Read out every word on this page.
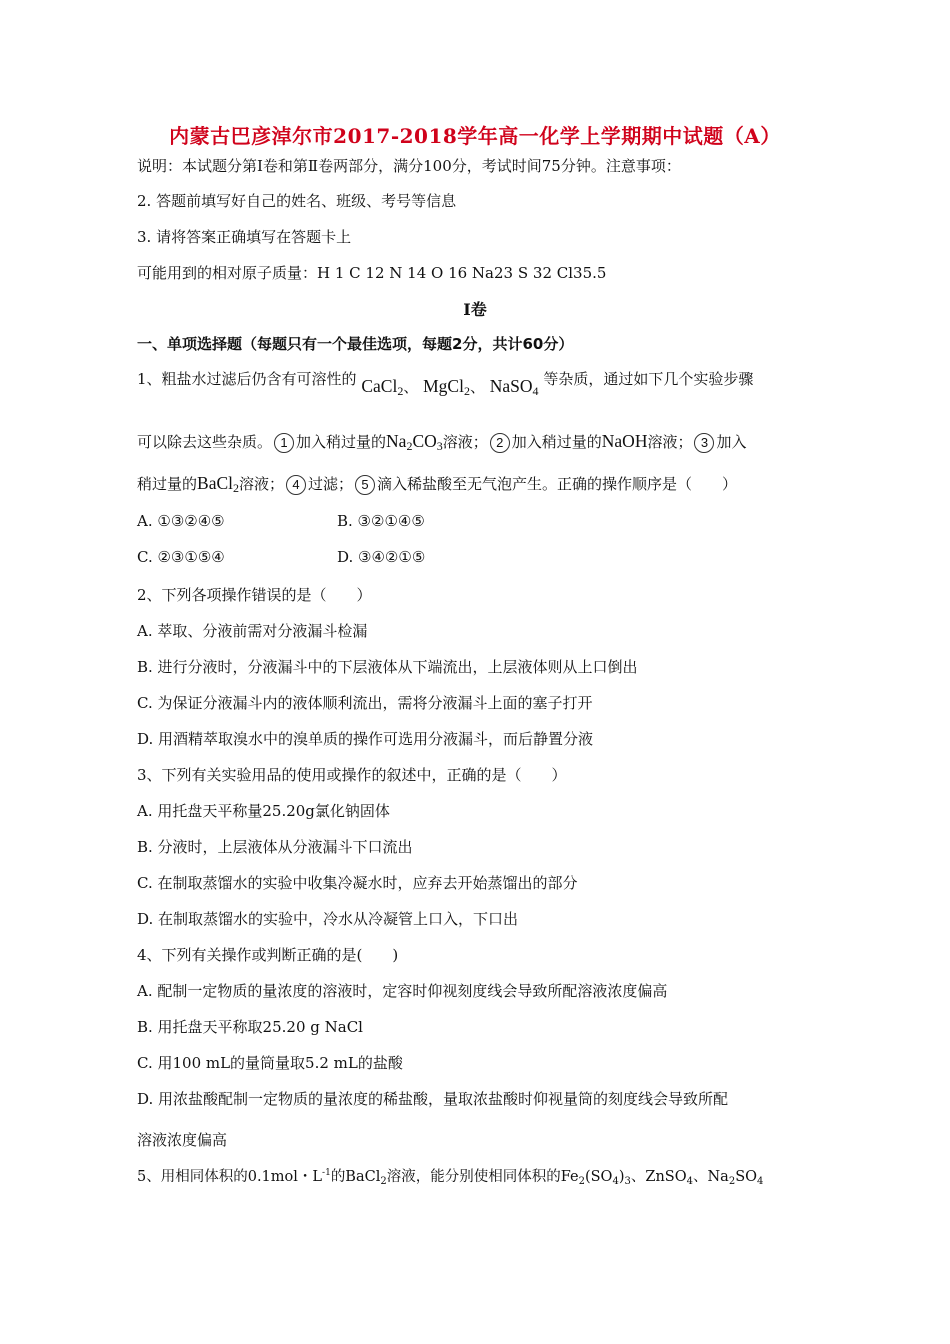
内蒙古巴彦淖尔市2017-2018学年高一化学上学期期中试题（A）
说明：本试题分第Ⅰ卷和第Ⅱ卷两部分，满分100分，考试时间75分钟。注意事项：
2. 答题前填写好自己的姓名、班级、考号等信息
3. 请将答案正确填写在答题卡上
可能用到的相对原子质量：H 1 C 12 N 14 O 16 Na23 S 32 Cl35.5
Ⅰ卷
一、单项选择题（每题只有一个最佳选项，每题2分，共计60分）
1、粗盐水过滤后仍含有可溶性的 CaCl$_2$、 MgCl$_2$、 NaSO$_4$ 等杂质，通过如下几个实验步骤
可以除去这些杂质。 1 加入稍过量的$Na_2CO_3$溶液； 2 加入稍过量的NaOH溶液； 3 加入
稍过量的BaCl$_2$溶液； 4 过滤； 5 滴入稀盐酸至无气泡产生。正确的操作顺序是（　　）
A. ①③②④⑤	B. ③②①④⑤
C. ②③①⑤④	D. ③④②①⑤
2、下列各项操作错误的是（　　）
A. 萃取、分液前需对分液漏斗检漏
B. 进行分液时，分液漏斗中的下层液体从下端流出，上层液体则从上口倒出
C. 为保证分液漏斗内的液体顺利流出，需将分液漏斗上面的塞子打开
D. 用酒精萃取溴水中的溴单质的操作可选用分液漏斗，而后静置分液
3、下列有关实验用品的使用或操作的叙述中，正确的是（　　）
A. 用托盘天平称量25.20g氯化钠固体
B. 分液时，上层液体从分液漏斗下口流出
C. 在制取蒸馏水的实验中收集冷凝水时，应弃去开始蒸馏出的部分
D. 在制取蒸馏水的实验中，冷水从冷凝管上口入，下口出
4、下列有关操作或判断正确的是(　　)
A. 配制一定物质的量浓度的溶液时，定容时仰视刻度线会导致所配溶液浓度偏高
B. 用托盘天平称取25.20 g NaCl
C. 用100 mL的量筒量取5.2 mL的盐酸
D. 用浓盐酸配制一定物质的量浓度的稀盐酸，量取浓盐酸时仰视量筒的刻度线会导致所配
溶液浓度偏高
5、用相同体积的0.1mol・$L^{-1}$的BaCl$_2$溶液，能分别使相同体积的$Fe_2(SO_4)_3$、ZnSO$_4$、$Na_2SO_4$
